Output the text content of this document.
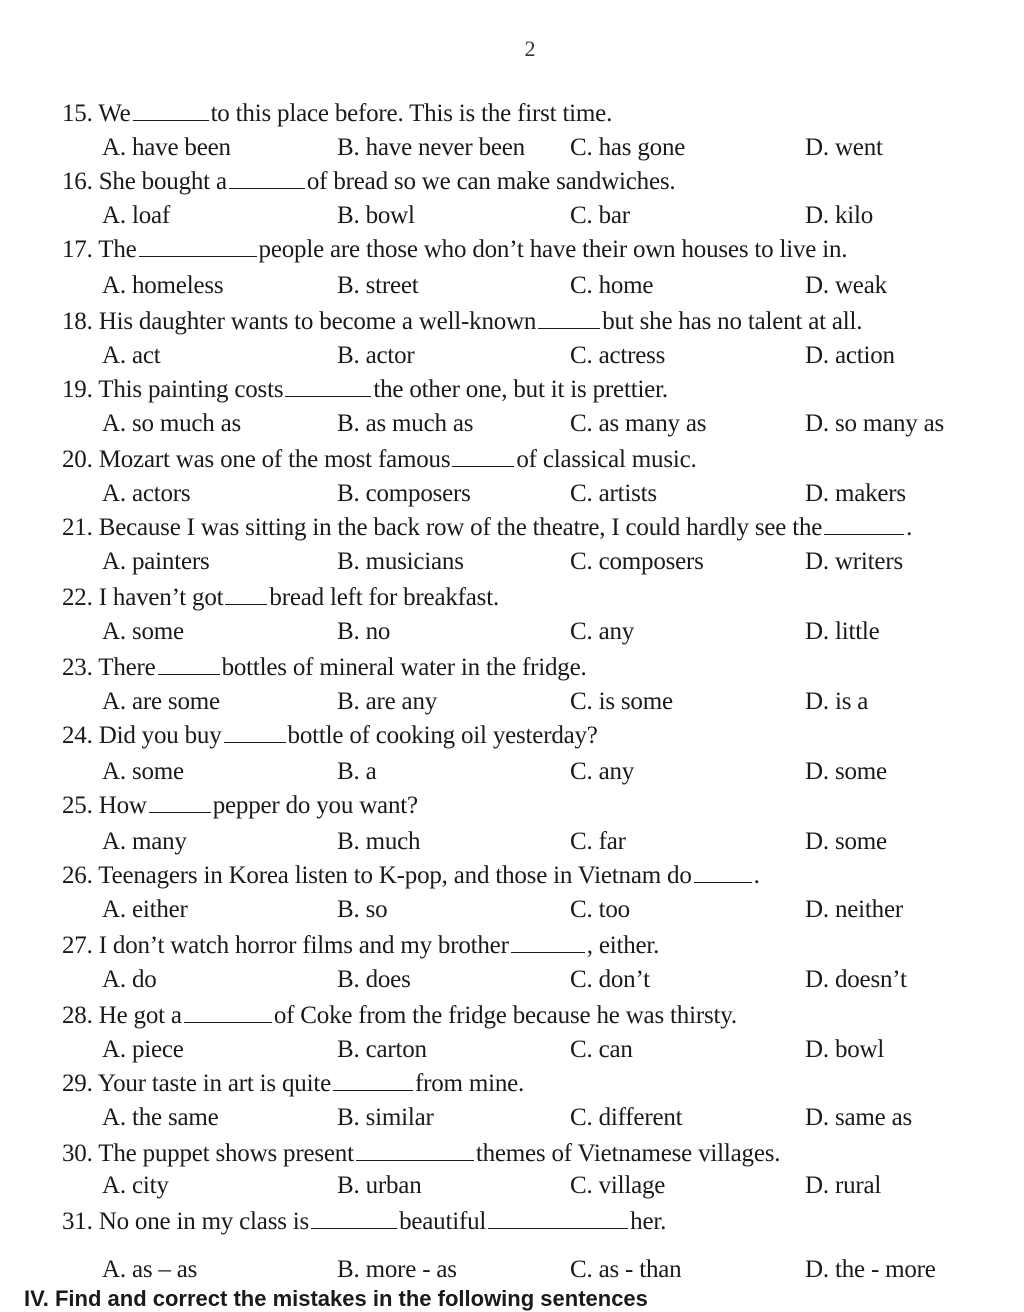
2
15. We	to this place before. This is the first time.
A. have been	B. have never been C. has gone	D. went
16. She bought a	of bread so we can make sandwiches.
A. loaf	B. bowl	C. bar	D. kilo
17. The	people are those who don’t have their own houses to live in.
A. homeless	B. street	C. home	D. weak
18. His daughter wants to become a well-known	but she has no talent at all.
A. act	B. actor	C. actress	D. action
19. This painting costs	the other one, but it is prettier.
A. so much as	B. as much as	C. as many as	D. so many as
20. Mozart was one of the most famous	of classical music.
A. actors	B. composers	C. artists	D. makers
21. Because I was sitting in the back row of the theatre, I could hardly see the	.
A. painters	B. musicians	C. composers	D. writers
22. I haven’t got bread left for breakfast.
A. some	B. no	C. any	D. little
23. There	bottles of mineral water in the fridge.
A. are some	B. are any	C. is some	D. is a
24. Did you buy	bottle of cooking oil yesterday?
A. some	B. a	C. any	D. some
25. How	pepper do you want?
A. many	B. much	C. far	D. some
26. Teenagers in Korea listen to K-pop, and those in Vietnam do .
A. either	B. so	C. too	D. neither
27. I don’t watch horror films and my brother	, either.
A. do	B. does	C. don’t	D. doesn’t
28. He got a	of Coke from the fridge because he was thirsty.
A. piece	B. carton	C. can	D. bowl
29. Your taste in art is quite	from mine.
A. the same	B. similar	C. different	D. same as
30. The puppet shows present	themes of Vietnamese villages.
A. city	B. urban	C. village	D. rural
31. No one in my class is	beautiful	her.
A. as – as	B. more - as	C. as - than	D. the - more
IV. Find and correct the mistakes in the following sentences
